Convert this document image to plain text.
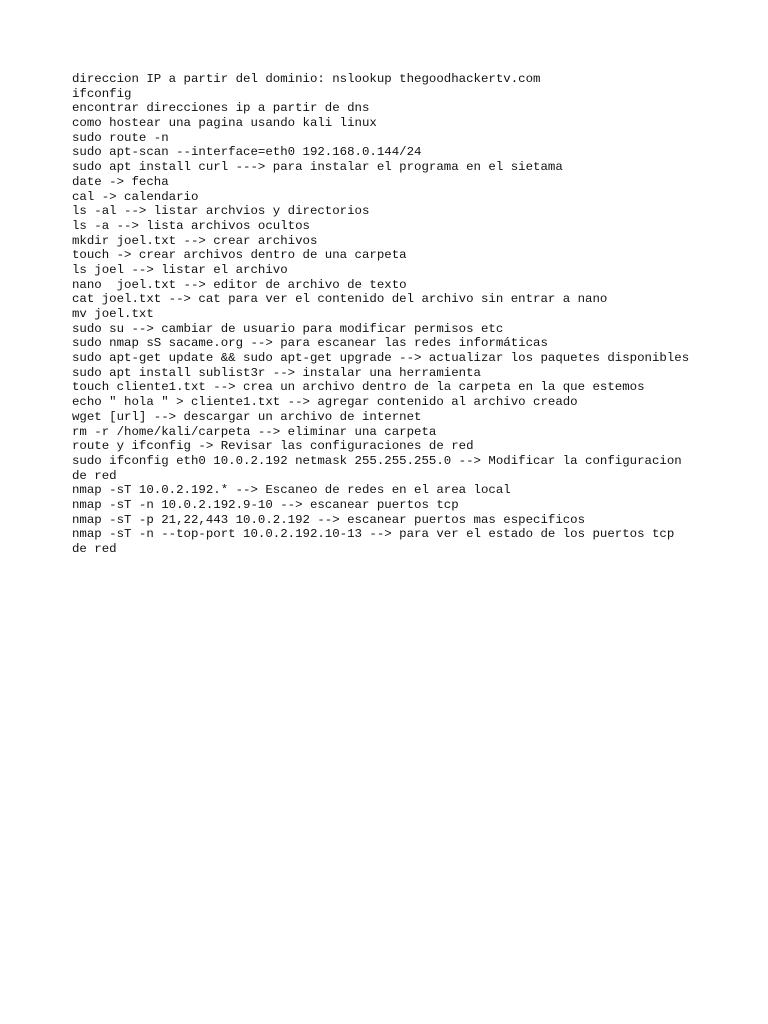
direccion IP a partir del dominio: nslookup thegoodhackertv.com
ifconfig
encontrar direcciones ip a partir de dns
como hostear una pagina usando kali linux
sudo route -n
sudo apt-scan --interface=eth0 192.168.0.144/24
sudo apt install curl ---> para instalar el programa en el sietama
date -> fecha
cal -> calendario
ls -al --> listar archvios y directorios
ls -a --> lista archivos ocultos
mkdir joel.txt --> crear archivos
touch -> crear archivos dentro de una carpeta
ls joel --> listar el archivo
nano  joel.txt --> editor de archivo de texto
cat joel.txt --> cat para ver el contenido del archivo sin entrar a nano
mv joel.txt
sudo su --> cambiar de usuario para modificar permisos etc
sudo nmap sS sacame.org --> para escanear las redes informáticas
sudo apt-get update && sudo apt-get upgrade --> actualizar los paquetes disponibles
sudo apt install sublist3r --> instalar una herramienta
touch cliente1.txt --> crea un archivo dentro de la carpeta en la que estemos
echo " hola " > cliente1.txt --> agregar contenido al archivo creado
wget [url] --> descargar un archivo de internet
rm -r /home/kali/carpeta --> eliminar una carpeta
route y ifconfig -> Revisar las configuraciones de red
sudo ifconfig eth0 10.0.2.192 netmask 255.255.255.0 --> Modificar la configuracion
de red
nmap -sT 10.0.2.192.* --> Escaneo de redes en el area local
nmap -sT -n 10.0.2.192.9-10 --> escanear puertos tcp
nmap -sT -p 21,22,443 10.0.2.192 --> escanear puertos mas especificos
nmap -sT -n --top-port 10.0.2.192.10-13 --> para ver el estado de los puertos tcp
de red
